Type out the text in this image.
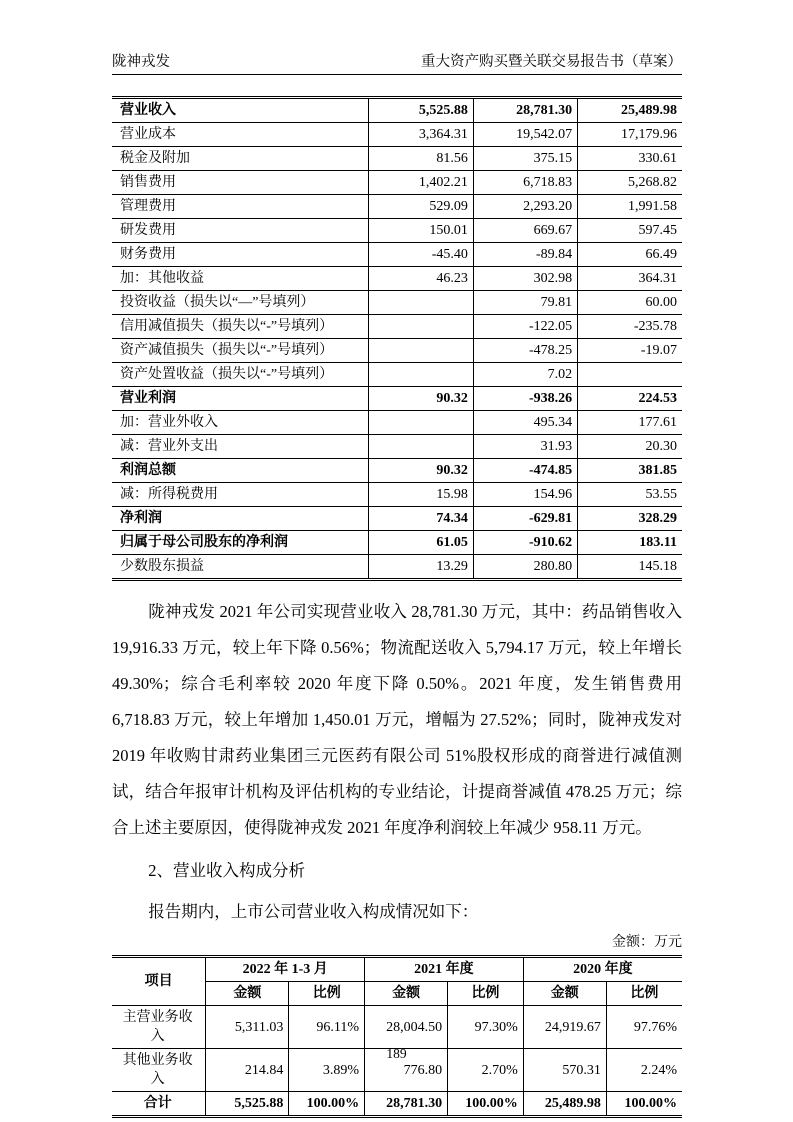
陇神戎发	重大资产购买暨关联交易报告书（草案）
营业收入	5,525.88	28,781.30	25,489.98
营业成本	3,364.31	19,542.07	17,179.96
税金及附加	81.56	375.15	330.61
销售费用	1,402.21	6,718.83	5,268.82
管理费用	529.09	2,293.20	1,991.58
研发费用	150.01	669.67	597.45
财务费用	-45.40	-89.84	66.49
加：其他收益	46.23	302.98	364.31
投资收益（损失以“—”号填列）		79.81	60.00
信用减值损失（损失以“-”号填列）		-122.05	-235.78
资产减值损失（损失以“-”号填列）		-478.25	-19.07
资产处置收益（损失以“-”号填列）		7.02	
营业利润	90.32	-938.26	224.53
加：营业外收入		495.34	177.61
减：营业外支出		31.93	20.30
利润总额	90.32	-474.85	381.85
减：所得税费用	15.98	154.96	53.55
净利润	74.34	-629.81	328.29
归属于母公司股东的净利润	61.05	-910.62	183.11
少数股东损益	13.29	280.80	145.18

陇神戎发 2021 年公司实现营业收入 28,781.30 万元，其中：药品销售收入 19,916.33 万元，较上年下降 0.56%；物流配送收入 5,794.17 万元，较上年增长 49.30%；综合毛利率较 2020 年度下降 0.50%。2021 年度，发生销售费用 6,718.83 万元，较上年增加 1,450.01 万元，增幅为 27.52%；同时，陇神戎发对 2019 年收购甘肃药业集团三元医药有限公司 51%股权形成的商誉进行减值测试，结合年报审计机构及评估机构的专业结论，计提商誉减值 478.25 万元；综合上述主要原因，使得陇神戎发 2021 年度净利润较上年减少 958.11 万元。

2、营业收入构成分析

报告期内，上市公司营业收入构成情况如下：

金额：万元
项目	2022 年 1-3 月		2021 年度		2020 年度	
	金额	比例	金额	比例	金额	比例
主营业务收入	5,311.03	96.11%	28,004.50	97.30%	24,919.67	97.76%
其他业务收入	214.84	3.89%	776.80	2.70%	570.31	2.24%
合计	5,525.88	100.00%	28,781.30	100.00%	25,489.98	100.00%
189
